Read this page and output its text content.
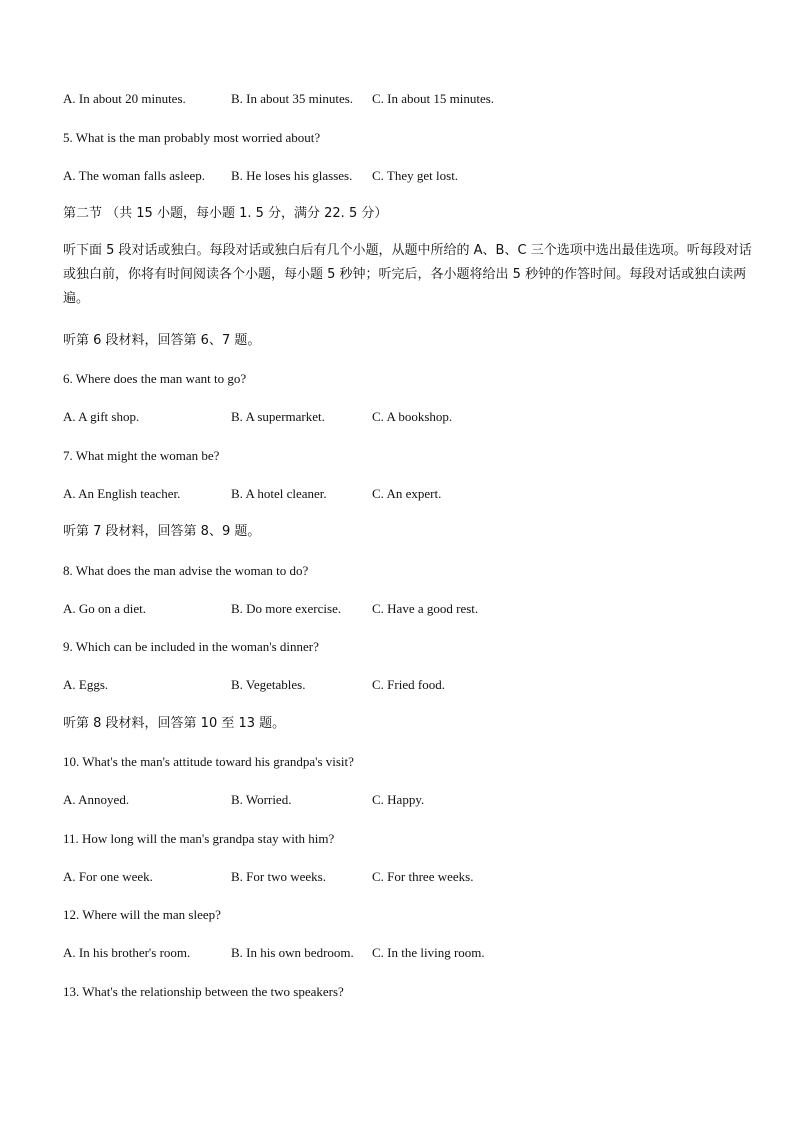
A. In about 20 minutes.	B. In about 35 minutes. C. In about 15 minutes.
5. What is the man probably most worried about?
A. The woman falls asleep. B. He loses his glasses. C. They get lost.
第二节 （共 15 小题，每小题 1. 5 分，满分 22. 5 分）
听下面 5 段对话或独白。每段对话或独白后有几个小题，从题中所给的 A、B、C 三个选项中选出最佳选项。听每段对话或独白前，你将有时间阅读各个小题，每小题 5 秒钟；听完后，各小题将给出 5 秒钟的作答时间。每段对话或独白读两遍。
听第 6 段材料，回答第 6、7 题。
6. Where does the man want to go?
A. A gift shop.	B. A supermarket.	C. A bookshop.
7. What might the woman be?
A. An English teacher.	B. A hotel cleaner.	C. An expert.
听第 7 段材料，回答第 8、9 题。
8. What does the man advise the woman to do?
A. Go on a diet.	B. Do more exercise. C. Have a good rest.
9. Which can be included in the woman's dinner?
A. Eggs.	B. Vegetables.	C. Fried food.
听第 8 段材料，回答第 10 至 13 题。
10. What's the man's attitude toward his grandpa's visit?
A. Annoyed.	B. Worried.	C. Happy.
11. How long will the man's grandpa stay with him?
A. For one week.	B. For two weeks.	C. For three weeks.
12. Where will the man sleep?
A. In his brother's room.	B. In his own bedroom. C. In the living room.
13. What's the relationship between the two speakers?
